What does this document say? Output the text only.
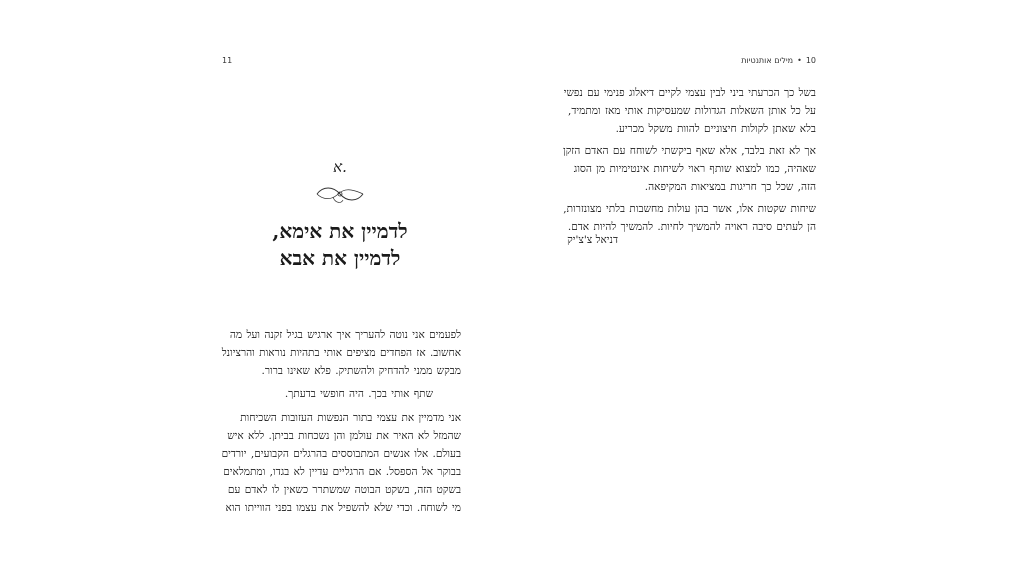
11
א.
לדמיין את אימא,
לדמיין את אבא

לפעמים אני נוטה להעריך איך ארגיש בגיל זקנה ועל מה אחשוב. אז הפחדים מציפים אותי בתהיות נוראות והרציונל מבקש ממני להדחיק ולהשתיק. פלא שאינו ברור.

שתף אותי בכך. היה חופשי בדעתך.

אני מדמיין את עצמי בתור הנפשות העזובות השכיחות שהמזל לא האיר את עולמן והן נשכחות בביתן. ללא איש בעולם. אלו אנשים המתבוססים בהרגלים הקבועים, יורדים בבוקר אל הספסל. אם הרגליים עדיין לא בגדו, ומתמלאים בשקט הזה, בשקט הבוטה שמשתרר כשאין לו לאדם עם מי לשוחח. וכדי שלא להשפיל את עצמו בפני הווייתו הוא

10•מילים אותנטיות

בשל כך הכרעתי ביני לבין עצמי לקיים דיאלוג פנימי עם נפשי על כל אותן השאלות הגדולות שמעסיקות אותי מאז ומתמיד, בלא שאתן לקולות חיצוניים להוות משקל מכריע.

אך לא זאת בלבד, אלא שאף ביקשתי לשוחח עם האדם הזקן שאהיה, כמו למצוא שותף ראוי לשיחות אינטימיות מן הסוג הזה, שכל כך חריגות במציאות המקיפאה.

שיחות שקטות אלו, אשר בהן עולות מחשבות בלתי מצונזרות, הן לעתים סיבה ראויה להמשיך לחיות. להמשיך להיות אדם.

דניאל צ'צ'יק
